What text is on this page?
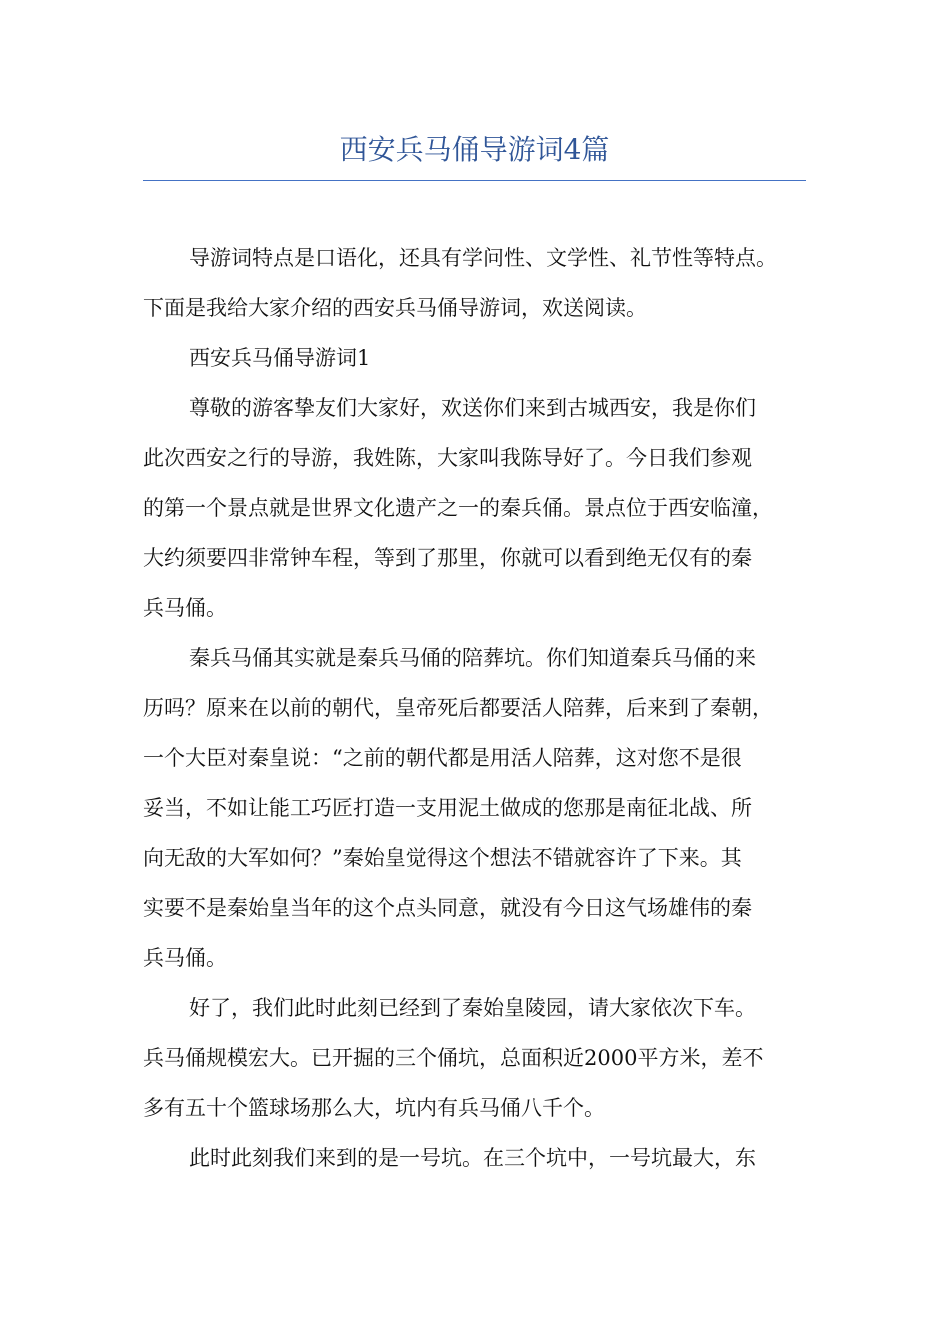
西安兵马俑导游词4篇
导游词特点是口语化，还具有学问性、文学性、礼节性等特点。
下面是我给大家介绍的西安兵马俑导游词，欢送阅读。
西安兵马俑导游词1
尊敬的游客挚友们大家好，欢送你们来到古城西安，我是你们
此次西安之行的导游，我姓陈，大家叫我陈导好了。今日我们参观
的第一个景点就是世界文化遗产之一的秦兵俑。景点位于西安临潼，
大约须要四非常钟车程，等到了那里，你就可以看到绝无仅有的秦
兵马俑。
秦兵马俑其实就是秦兵马俑的陪葬坑。你们知道秦兵马俑的来
历吗？原来在以前的朝代，皇帝死后都要活人陪葬，后来到了秦朝，
一个大臣对秦皇说：“之前的朝代都是用活人陪葬，这对您不是很
妥当，不如让能工巧匠打造一支用泥土做成的您那是南征北战、所
向无敌的大军如何？”秦始皇觉得这个想法不错就容许了下来。其
实要不是秦始皇当年的这个点头同意，就没有今日这气场雄伟的秦
兵马俑。
好了，我们此时此刻已经到了秦始皇陵园，请大家依次下车。
兵马俑规模宏大。已开掘的三个俑坑，总面积近2000平方米，差不
多有五十个篮球场那么大，坑内有兵马俑八千个。
此时此刻我们来到的是一号坑。在三个坑中，一号坑最大，东
